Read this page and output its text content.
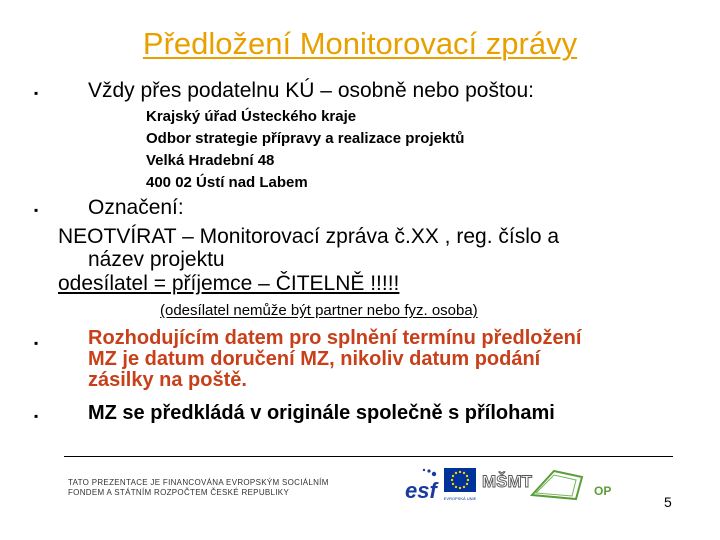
Předložení Monitorovací zprávy
▪ Vždy přes podatelnu KÚ – osobně nebo poštou:
Krajský úřad Ústeckého kraje
Odbor strategie přípravy a realizace projektů
Velká Hradební 48
400 02 Ústí nad Labem
▪ Označení:
NEOTVÍRAT – Monitorovací zpráva č.XX , reg. číslo a
název projektu
odesílatel = příjemce – ČITELNĚ !!!!!
(odesílatel nemůže být partner nebo fyz. osoba)
▪ Rozhodujícím datem pro splnění termínu předložení
MZ je datum doručení MZ, nikoliv datum podání
zásilky na poště.
▪ MZ se předkládá v originále společně s přílohami
TATO PREZENTACE JE FINANCOVÁNA EVROPSKÝM SOCIÁLNÍM
FONDEM A STÁTNÍM ROZPOČTEM ČESKÉ REPUBLIKY	esf	EVROPSKÁ UNIE
MŠMT	OP
5
